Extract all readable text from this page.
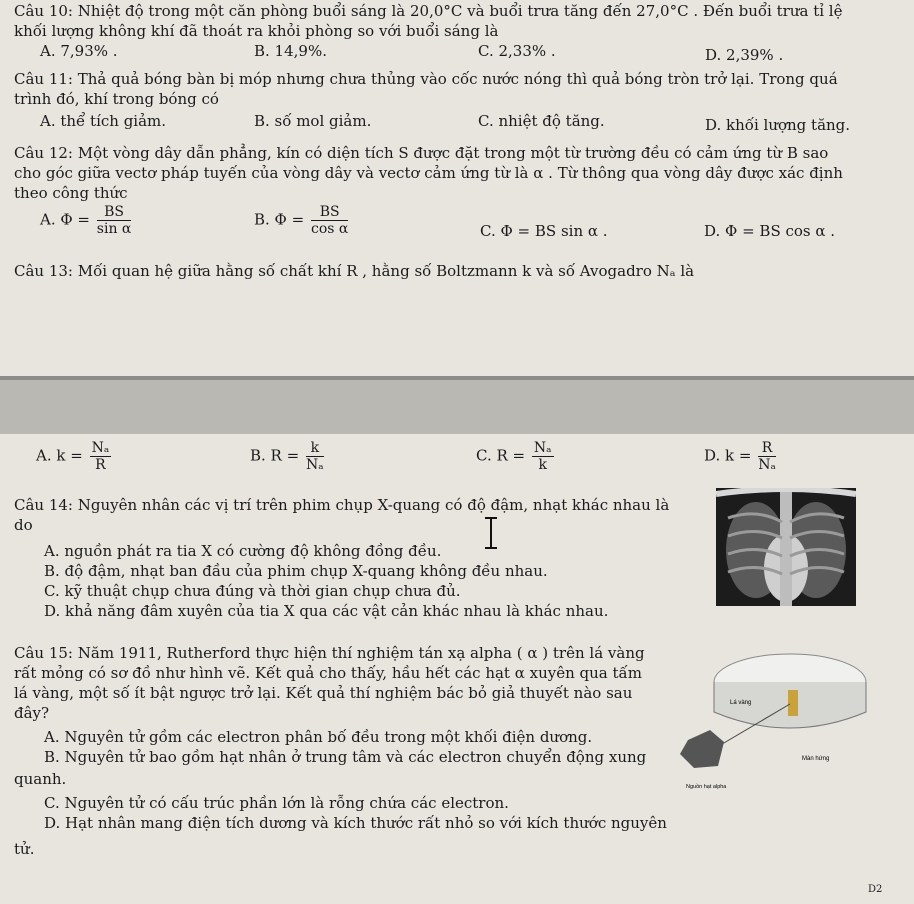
Câu 10: Nhiệt độ trong một căn phòng buổi sáng là 20,0°C và buổi trưa tăng đến 27,0°C . Đến buổi trưa tỉ lệ
khối lượng không khí đã thoát ra khỏi phòng so với buổi sáng là
A. 7,93% .	B. 14,9%.	C. 2,33% .	D. 2,39% .
Câu 11: Thả quả bóng bàn bị móp nhưng chưa thủng vào cốc nước nóng thì quả bóng tròn trở lại. Trong quá
trình đó, khí trong bóng có
A. thể tích giảm.	B. số mol giảm.	C. nhiệt độ tăng.	D. khối lượng tăng.
Câu 12: Một vòng dây dẫn phẳng, kín có diện tích S được đặt trong một từ trường đều có cảm ứng từ B sao
cho góc giữa vectơ pháp tuyến của vòng dây và vectơ cảm ứng từ là α . Từ thông qua vòng dây được xác định
theo công thức
A. $\Phi = \frac{BS}{\text{sin α}}$	B. $\Phi = \frac{BS}{\text{cos α}}$	C. Φ = BS sin α .	D. Φ = BS cos α .
Câu 13: Mối quan hệ giữa hằng số chất khí R , hằng số Boltzmann k và số Avogadro Nₐ là
A. $k = \frac{\text{Nₐ}}{R}$	B. $R = \frac{k}{\text{Nₐ}}$	C. $R = \frac{\text{Nₐ}}{k}$	D. $k = \frac{R}{\text{Nₐ}}$
Câu 14: Nguyên nhân các vị trí trên phim chụp X-quang có độ đậm, nhạt khác nhau là
do
A. nguồn phát ra tia X có cường độ không đồng đều.
B. độ đậm, nhạt ban đầu của phim chụp X-quang không đều nhau.
C. kỹ thuật chụp chưa đúng và thời gian chụp chưa đủ.
D. khả năng đâm xuyên của tia X qua các vật cản khác nhau là khác nhau.
Câu 15: Năm 1911, Rutherford thực hiện thí nghiệm tán xạ alpha ( α ) trên lá vàng
rất mỏng có sơ đồ như hình vẽ. Kết quả cho thấy, hầu hết các hạt α xuyên qua tấm
lá vàng, một số ít bật ngược trở lại. Kết quả thí nghiệm bác bỏ giả thuyết nào sau
đây?
A. Nguyên tử gồm các electron phân bố đều trong một khối điện dương.
B. Nguyên tử bao gồm hạt nhân ở trung tâm và các electron chuyển động xung
quanh.
C. Nguyên tử có cấu trúc phần lớn là rỗng chứa các electron.
D. Hạt nhân mang điện tích dương và kích thước rất nhỏ so với kích thước nguyên
tử.
Lá vàng
Màn hứng
Nguồn hạt alpha
D2
